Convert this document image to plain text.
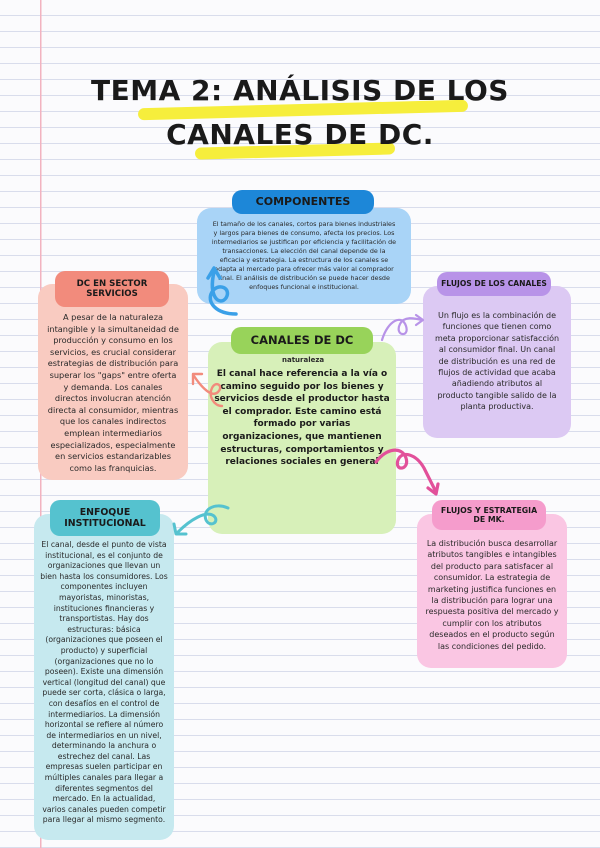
TEMA 2: ANÁLISIS DE LOS
CANALES DE DC.
El tamaño de los canales, cortos para bienes industriales y largos para bienes de consumo, afecta los precios. Los intermediarios se justifican por eficiencia y facilitación de transacciones. La elección del canal depende de la eficacia y estrategia. La estructura de los canales se adapta al mercado para ofrecer más valor al comprador final. El análisis de distribución se puede hacer desde enfoques funcional e institucional.
COMPONENTES
Un flujo es la combinación de funciones que tienen como meta proporcionar satisfacción al consumidor final. Un canal de distribución es una red de flujos de actividad que acaba añadiendo atributos al producto tangible salido de la planta productiva.
FLUJOS DE LOS CANALES
A pesar de la naturaleza intangible y la simultaneidad de producción y consumo en los servicios, es crucial considerar estrategias de distribución para superar los "gaps" entre oferta y demanda. Los canales directos involucran atención directa al consumidor, mientras que los canales indirectos emplean intermediarios especializados, especialmente en servicios estandarizables como las franquicias.
DC EN SECTOR SERVICIOS
naturaleza
El canal hace referencia a la vía o camino seguido por los bienes y servicios desde el productor hasta el comprador. Este camino está formado por varias organizaciones, que mantienen estructuras, comportamientos y relaciones sociales en general
CANALES DE DC
El canal, desde el punto de vista institucional, es el conjunto de organizaciones que llevan un bien hasta los consumidores. Los componentes incluyen mayoristas, minoristas, instituciones financieras y transportistas. Hay dos estructuras: básica (organizaciones que poseen el producto) y superficial (organizaciones que no lo poseen). Existe una dimensión vertical (longitud del canal) que puede ser corta, clásica o larga, con desafíos en el control de intermediarios. La dimensión horizontal se refiere al número de intermediarios en un nivel, determinando la anchura o estrechez del canal. Las empresas suelen participar en múltiples canales para llegar a diferentes segmentos del mercado. En la actualidad, varios canales pueden competir para llegar al mismo segmento.
ENFOQUE INSTITUCIONAL
La distribución busca desarrollar atributos tangibles e intangibles del producto para satisfacer al consumidor. La estrategia de marketing justifica funciones en la distribución para lograr una respuesta positiva del mercado y cumplir con los atributos deseados en el producto según las condiciones del pedido.
FLUJOS Y ESTRATEGIA DE MK.
